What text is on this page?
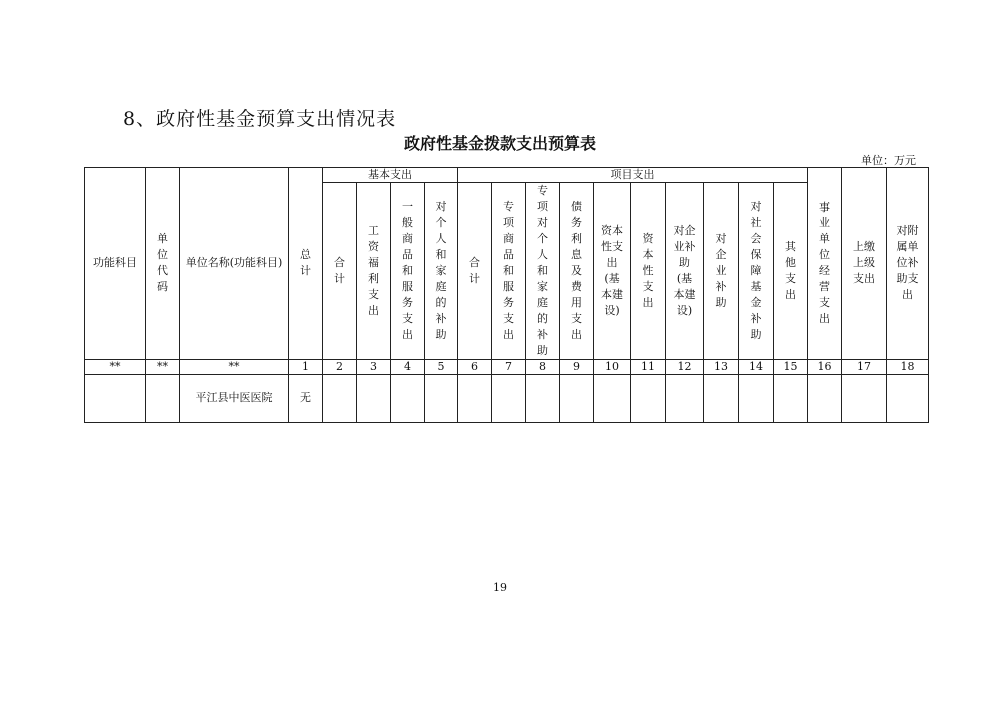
8、政府性基金预算支出情况表
政府性基金拨款支出预算表
单位：万元
功能科目	单位代码	单位名称(功能科目)	总计	基本支出				项目支出										事业单位经营支出	上缴上级支出	对附属单位补助支出
				合计	工资福利支出	一般商品和服务支出	对个人和家庭的补助	合计	专项商品和服务支出	专项对个人和家庭的补助	债务利息及费用支出	资本性支出(基本建设)	资本性支出	对企业补助(基本建设)	对企业补助	对社会保障基金补助	其他支出			
**	**	**	1	2	3	4	5	6	7	8	9	10	11	12	13	14	15	16	17	18
		平江县中医医院	无																	
19
